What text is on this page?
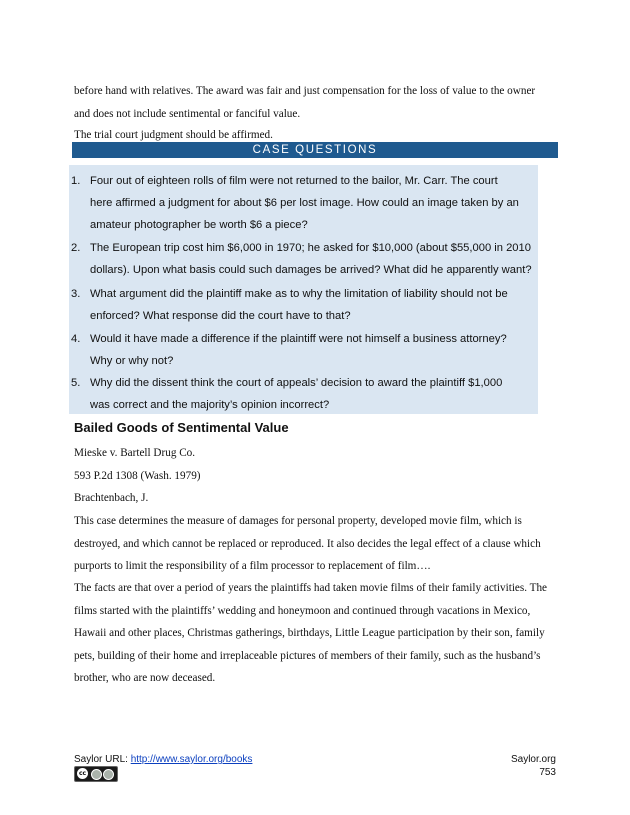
before hand with relatives. The award was fair and just compensation for the loss of value to the owner
and does not include sentimental or fanciful value.
The trial court judgment should be affirmed.
CASE QUESTIONS
1. Four out of eighteen rolls of film were not returned to the bailor, Mr. Carr. The court
here affirmed a judgment for about $6 per lost image. How could an image taken by an
amateur photographer be worth $6 a piece?
2. The European trip cost him $6,000 in 1970; he asked for $10,000 (about $55,000 in 2010
dollars). Upon what basis could such damages be arrived? What did he apparently want?
3. What argument did the plaintiff make as to why the limitation of liability should not be
enforced? What response did the court have to that?
4. Would it have made a difference if the plaintiff were not himself a business attorney?
Why or why not?
5. Why did the dissent think the court of appeals’ decision to award the plaintiff $1,000
was correct and the majority’s opinion incorrect?
Bailed Goods of Sentimental Value
Mieske v. Bartell Drug Co.
593 P.2d 1308 (Wash. 1979)
Brachtenbach, J.
This case determines the measure of damages for personal property, developed movie film, which is
destroyed, and which cannot be replaced or reproduced. It also decides the legal effect of a clause which
purports to limit the responsibility of a film processor to replacement of film….
The facts are that over a period of years the plaintiffs had taken movie films of their family activities. The
films started with the plaintiffs’ wedding and honeymoon and continued through vacations in Mexico,
Hawaii and other places, Christmas gatherings, birthdays, Little League participation by their son, family
pets, building of their home and irreplaceable pictures of members of their family, such as the husband’s
brother, who are now deceased.
Saylor URL: http://www.saylor.org/books
cc
Saylor.org
753
